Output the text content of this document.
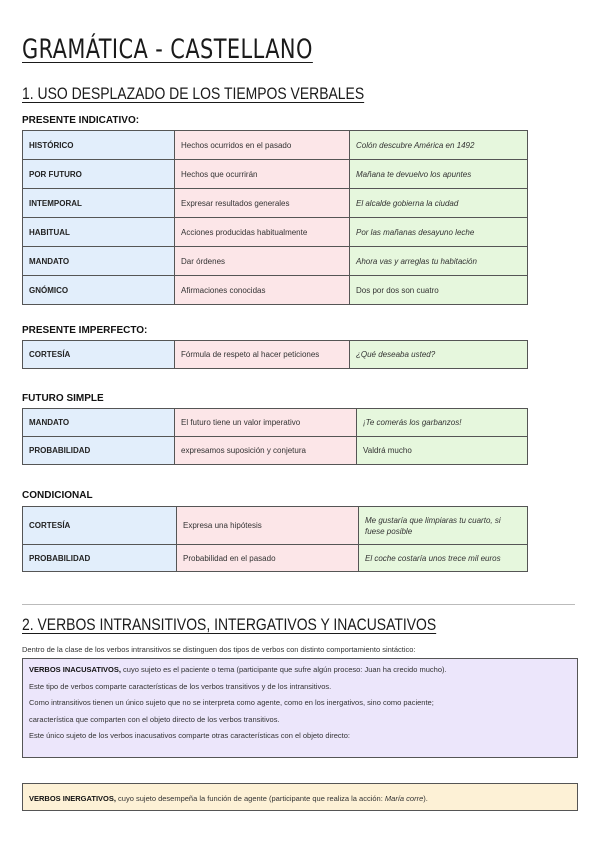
GRAMÁTICA - CASTELLANO
1. USO DESPLAZADO DE LOS TIEMPOS VERBALES

PRESENTE INDICATIVO:

HISTÓRICO	Hechos ocurridos en el pasado	Colón descubre América en 1492
POR FUTURO	Hechos que ocurrirán	Mañana te devuelvo los apuntes
INTEMPORAL	Expresar resultados generales	El alcalde gobierna la ciudad
HABITUAL	Acciones producidas habitualmente	Por las mañanas desayuno leche
MANDATO	Dar órdenes	Ahora vas y arreglas tu habitación
GNÓMICO	Afirmaciones conocidas	Dos por dos son cuatro

PRESENTE IMPERFECTO:

CORTESÍA	Fórmula de respeto al hacer peticiones	¿Qué deseaba usted?

FUTURO SIMPLE

MANDATO	El futuro tiene un valor imperativo	¡Te comerás los garbanzos!
PROBABILIDAD	expresamos suposición y conjetura	Valdrá mucho

CONDICIONAL

CORTESÍA	Expresa una hipótesis	Me gustaría que limpiaras tu cuarto, si fuese posible
PROBABILIDAD	Probabilidad en el pasado	El coche costaría unos trece mil euros
2. VERBOS INTRANSITIVOS, INTERGATIVOS Y INACUSATIVOS

Dentro de la clase de los verbos intransitivos se distinguen dos tipos de verbos con distinto comportamiento sintáctico:

VERBOS INACUSATIVOS, cuyo sujeto es el paciente o tema (participante que sufre algún proceso: Juan ha crecido mucho).

Este tipo de verbos comparte características de los verbos transitivos y de los intransitivos.

Como intransitivos tienen un único sujeto que no se interpreta como agente, como en los inergativos, sino como paciente;

característica que comparten con el objeto directo de los verbos transitivos.

Este único sujeto de los verbos inacusativos comparte otras características con el objeto directo:

VERBOS INERGATIVOS, cuyo sujeto desempeña la función de agente (participante que realiza la acción: María corre).
